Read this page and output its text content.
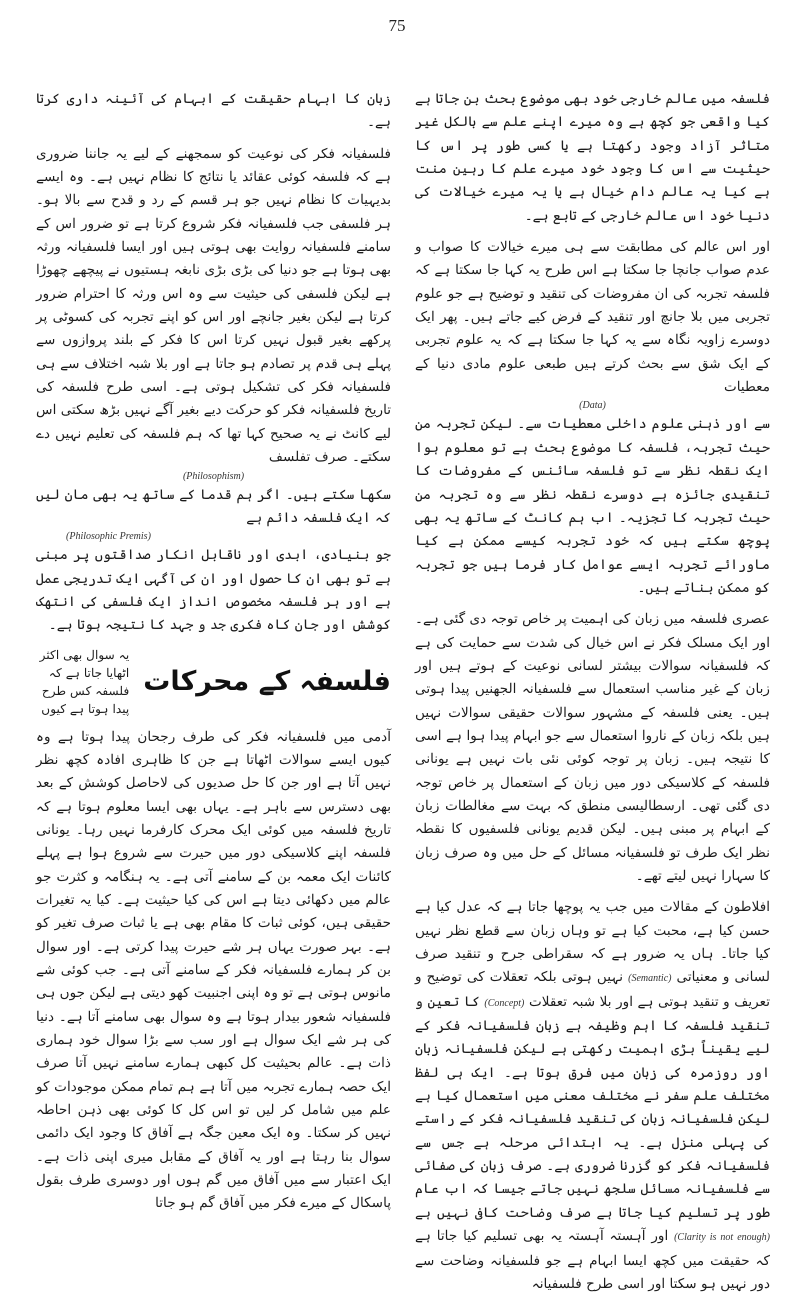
75

فلسفہ میں عالم خارجی خود بھی موضوع بحث بن جاتا ہے کیا واقعی جو کچھ ہے وہ میرے اپنے علم سے بالکل غیر متاثر آزاد وجود رکھتا ہے یا کسی طور پر اس کا حیثیت سے اس کا وجود خود میرے علم کا رہین منت ہے کیا یہ عالم دام خیال ہے یا یہ میرے خیالات کی دنیا خود اس عالم خارجی کے تابع ہے۔

اور اس عالم کی مطابقت سے ہی میرے خیالات کا صواب و عدم صواب جانچا جا سکتا ہے اس طرح یہ کہا جا سکتا ہے کہ فلسفہ تجربہ کی ان مفروضات کی تنقید و توضیح ہے جو علوم تجربی میں بلا جانچ اور تنقید کے فرض کیے جاتے ہیں۔ پھر ایک دوسرے زاویہ نگاہ سے یہ کہا جا سکتا ہے کہ یہ علوم تجربی کے ایک شق سے بحث کرتے ہیں طبعی علوم مادی دنیا کے معطیات

(Data)

سے اور ذہنی علوم داخلی معطیات سے۔ لیکن تجربہ من حیث تجربہ، فلسفہ کا موضوع بحث ہے تو معلوم ہوا ایک نقطہ نظر سے تو فلسفہ سائنس کے مفروضات کا تنقیدی جائزہ ہے دوسرے نقطہ نظر سے وہ تجربہ من حیث تجربہ کا تجزیہ۔ اب ہم کانٹ کے ساتھ یہ بھی پوچھ سکتے ہیں کہ خود تجربہ کیسے ممکن ہے کیا ماورائے تجربہ ایسے عوامل کار فرما ہیں جو تجربہ کو ممکن بناتے ہیں۔

عصری فلسفہ میں زبان کی اہمیت پر خاص توجہ دی گئی ہے۔ اور ایک مسلک فکر نے اس خیال کی شدت سے حمایت کی ہے کہ فلسفیانہ سوالات بیشتر لسانی نوعیت کے ہوتے ہیں اور زبان کے غیر مناسب استعمال سے فلسفیانہ الجھنیں پیدا ہوتی ہیں۔ یعنی فلسفہ کے مشہور سوالات حقیقی سوالات نہیں ہیں بلکہ زبان کے ناروا استعمال سے جو ابہام پیدا ہوا ہے اسی کا نتیجہ ہیں۔ زبان پر توجہ کوئی نئی بات نہیں ہے یونانی فلسفہ کے کلاسیکی دور میں زبان کے استعمال پر خاص توجہ دی گئی تھی۔ ارسطالیسی منطق کہ بہت سے مغالطات زبان کے ابہام پر مبنی ہیں۔ لیکن قدیم یونانی فلسفیوں کا نقطہ نظر ایک طرف تو فلسفیانہ مسائل کے حل میں وہ صرف زبان کا سہارا نہیں لیتے تھے۔

افلاطون کے مقالات میں جب یہ پوچھا جاتا ہے کہ عدل کیا ہے حسن کیا ہے، محبت کیا ہے تو وہاں زبان سے قطع نظر نہیں کیا جاتا۔ ہاں یہ ضرور ہے کہ سقراطی جرح و تنقید صرف لسانی و معنیاتی (Semantic) نہیں ہوتی بلکہ تعقلات کی توضیح و تعریف و تنقید ہوتی ہے اور بلا شبہ تعقلات (Concept) کا تعین و تنقید فلسفہ کا اہم وظیفہ ہے زبان فلسفیانہ فکر کے لیے یقیناً بڑی اہمیت رکھتی ہے لیکن فلسفیانہ زبان اور روزمرہ کی زبان میں فرق ہوتا ہے۔ ایک ہی لفظ مختلف علم سفر نے مختلف معنی میں استعمال کیا ہے لیکن فلسفیانہ زبان کی تنقید فلسفیانہ فکر کے راستے کی پہلی منزل ہے۔ یہ ابتدائی مرحلہ ہے جس سے فلسفیانہ فکر کو گزرنا ضروری ہے۔ صرف زبان کی صفائی سے فلسفیانہ مسائل سلجھ نہیں جاتے جیسا کہ اب عام طور پر تسلیم کیا جاتا ہے صرف وضاحت کافی نہیں ہے (Clarity is not enough) اور آہستہ آہستہ یہ بھی تسلیم کیا جاتا ہے کہ حقیقت میں کچھ ایسا ابہام ہے جو فلسفیانہ وضاحت سے دور نہیں ہو سکتا اور اسی طرح فلسفیانہ

زبان کا ابہام حقیقت کے ابہام کی آئینہ داری کرتا ہے۔

فلسفیانہ فکر کی نوعیت کو سمجھنے کے لیے یہ جاننا ضروری ہے کہ فلسفہ کوئی عقائد یا نتائج کا نظام نہیں ہے۔ وہ ایسے بدیہیات کا نظام نہیں جو ہر قسم کے رد و قدح سے بالا ہو۔ ہر فلسفی جب فلسفیانہ فکر شروع کرتا ہے تو ضرور اس کے سامنے فلسفیانہ روایت بھی ہوتی ہیں اور ایسا فلسفیانہ ورثہ بھی ہوتا ہے جو دنیا کی بڑی بڑی نابغہ ہستیوں نے پیچھے چھوڑا ہے لیکن فلسفی کی حیثیت سے وہ اس ورثہ کا احترام ضرور کرتا ہے لیکن بغیر جانچے اور اس کو اپنے تجربہ کی کسوٹی پر پرکھے بغیر قبول نہیں کرتا اس کا فکر کے بلند پروازوں سے پہلے ہی قدم پر تصادم ہو جاتا ہے اور بلا شبہ اختلاف سے ہی فلسفیانہ فکر کی تشکیل ہوتی ہے۔ اسی طرح فلسفہ کی تاریخ فلسفیانہ فکر کو حرکت دیے بغیر آگے نہیں بڑھ سکتی اس لیے کانٹ نے یہ صحیح کہا تھا کہ ہم فلسفہ کی تعلیم نہیں دے سکتے۔ صرف تفلسف

(Philosophism)

سکھا سکتے ہیں۔ اگر ہم قدما کے ساتھ یہ بھی مان لیں کہ ایک فلسفہ دائم ہے

(Philosophic Premis)

جو بنیادی، ابدی اور ناقابل انکار صداقتوں پر مبنی ہے تو بھی ان کا حصول اور ان کی آگہی ایک تدریجی عمل ہے اور ہر فلسفہ مخصوص انداز ایک فلسفی کی انتھک کوشش اور جان کاہ فکری جد و جہد کا نتیجہ ہوتا ہے۔

فلسفہ کے محرکات
یہ سوال بھی اکثر اٹھایا جاتا ہے کہ فلسفہ کس طرح پیدا ہوتا ہے کیوں

آدمی میں فلسفیانہ فکر کی طرف رجحان پیدا ہوتا ہے وہ کیوں ایسے سوالات اٹھاتا ہے جن کا ظاہری افادہ کچھ نظر نہیں آتا ہے اور جن کا حل صدیوں کی لاحاصل کوشش کے بعد بھی دسترس سے باہر ہے۔ یہاں بھی ایسا معلوم ہوتا ہے کہ تاریخ فلسفہ میں کوئی ایک محرک کارفرما نہیں رہا۔ یونانی فلسفہ اپنے کلاسیکی دور میں حیرت سے شروع ہوا ہے پہلے کائنات ایک معمہ بن کے سامنے آتی ہے۔ یہ ہنگامہ و کثرت جو عالم میں دکھائی دیتا ہے اس کی کیا حیثیت ہے۔ کیا یہ تغیرات حقیقی ہیں، کوئی ثبات کا مقام بھی ہے یا ثبات صرف تغیر کو ہے۔ بہر صورت یہاں ہر شے حیرت پیدا کرتی ہے۔ اور سوال بن کر ہمارے فلسفیانہ فکر کے سامنے آتی ہے۔ جب کوئی شے مانوس ہوتی ہے تو وہ اپنی اجنبیت کھو دیتی ہے لیکن جوں ہی فلسفیانہ شعور بیدار ہوتا ہے وہ سوال بھی سامنے آتا ہے۔ دنیا کی ہر شے ایک سوال ہے اور سب سے بڑا سوال خود ہماری ذات ہے۔ عالم بحیثیت کل کبھی ہمارے سامنے نہیں آتا صرف ایک حصہ ہمارے تجربہ میں آتا ہے ہم تمام ممکن موجودات کو علم میں شامل کر لیں تو اس کل کا کوئی بھی ذہن احاطہ نہیں کر سکتا۔ وہ ایک معین جگہ ہے آفاق کا وجود ایک دائمی سوال بنا رہتا ہے اور یہ آفاق کے مقابل میری اپنی ذات ہے۔ ایک اعتبار سے میں آفاق میں گم ہوں اور دوسری طرف بقول پاسکال کے میرے فکر میں آفاق گم ہو جاتا
